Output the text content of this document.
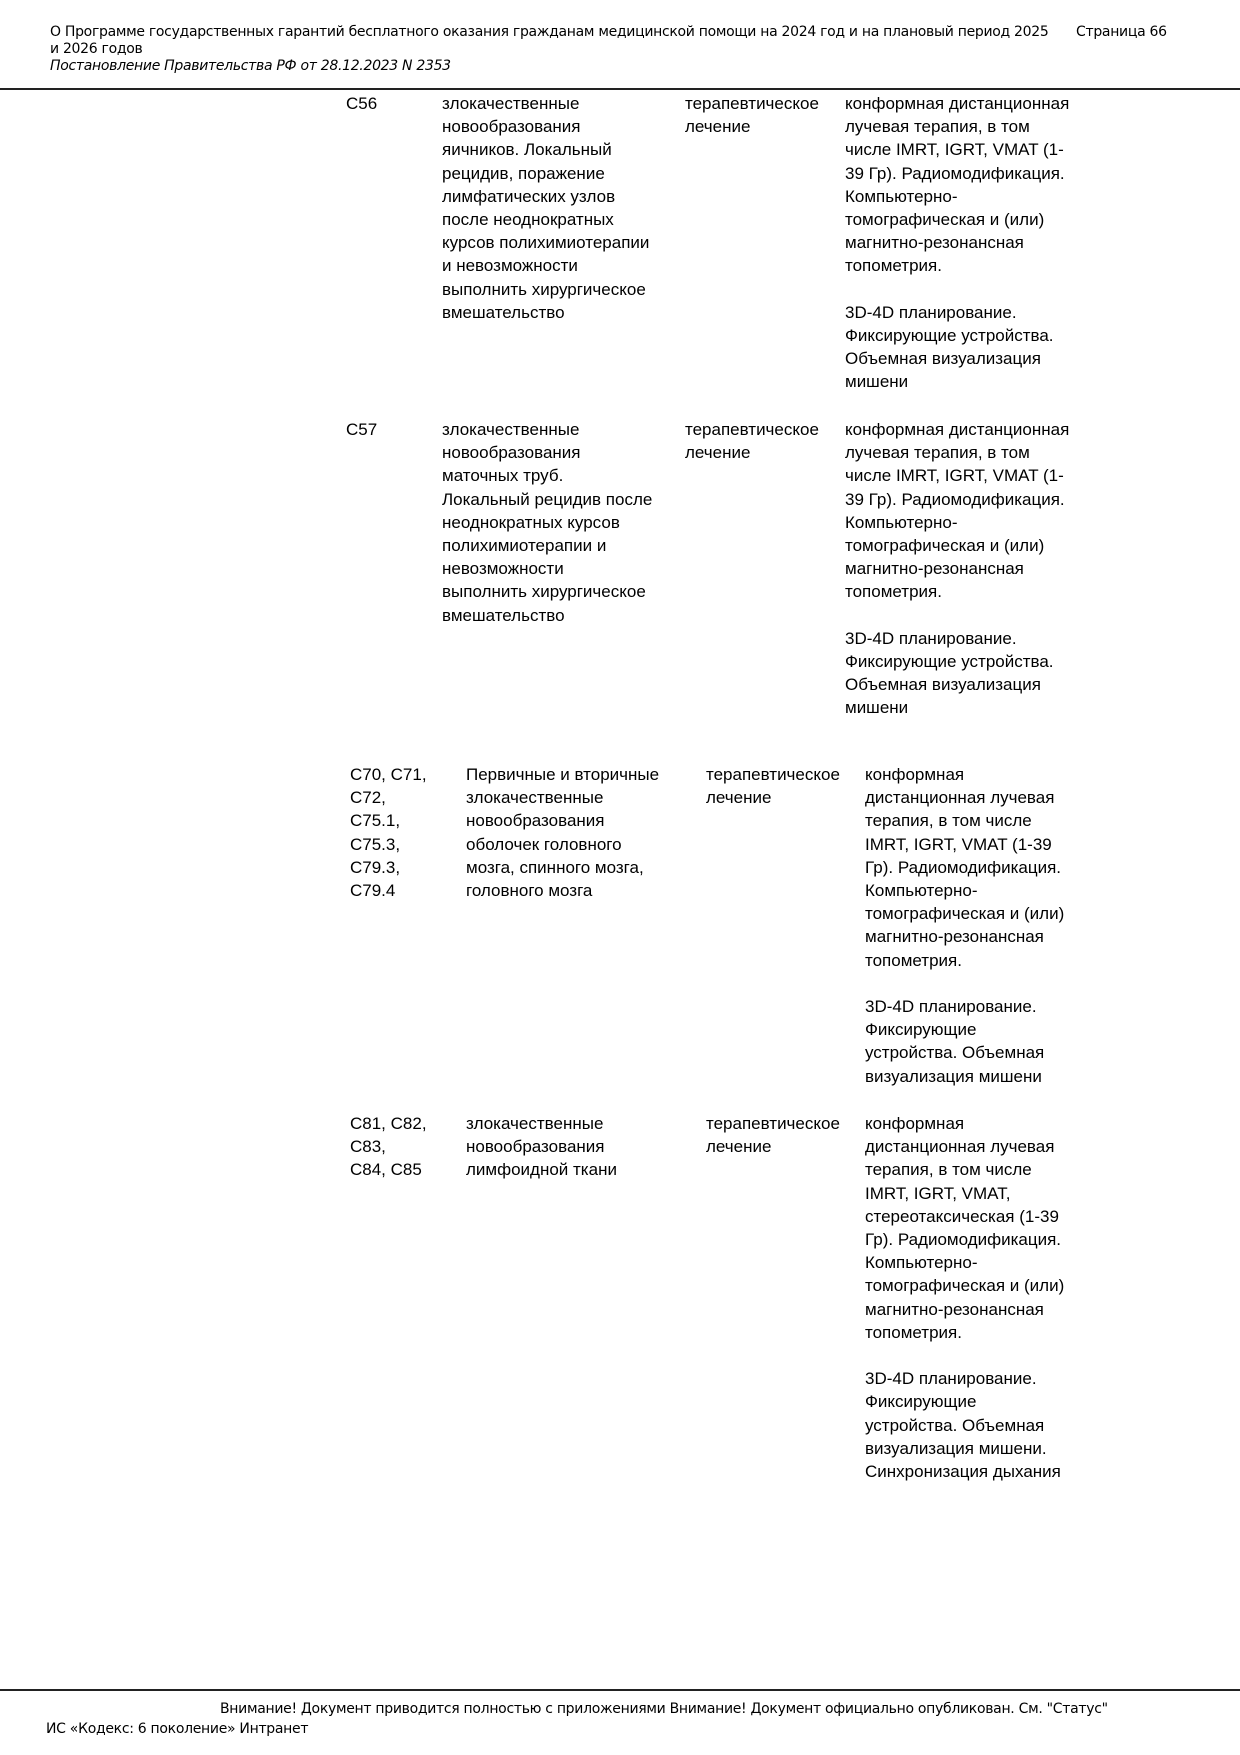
О Программе государственных гарантий бесплатного оказания гражданам медицинской помощи на 2024 год и на плановый период 2025 и 2026 годов
Постановление Правительства РФ от 28.12.2023 N 2353
Страница 66
C56	злокачественные
новообразования
яичников. Локальный
рецидив, поражение
лимфатических узлов
после неоднократных
курсов полихимиотерапии
и невозможности
выполнить хирургическое
вмешательство
терапевтическое
лечение
конформная дистанционная
лучевая терапия, в том
числе IMRT, IGRT, VMAT (1-
39 Гр). Радиомодификация.
Компьютерно-
томографическая и (или)
магнитно-резонансная
топометрия.

3D-4D планирование.
Фиксирующие устройства.
Объемная визуализация
мишени
C57	злокачественные
новообразования
маточных труб.
Локальный рецидив после
неоднократных курсов
полихимиотерапии и
невозможности
выполнить хирургическое
вмешательство
терапевтическое
лечение
конформная дистанционная
лучевая терапия, в том
числе IMRT, IGRT, VMAT (1-
39 Гр). Радиомодификация.
Компьютерно-
томографическая и (или)
магнитно-резонансная
топометрия.

3D-4D планирование.
Фиксирующие устройства.
Объемная визуализация
мишени
C70, C71,
C72,
C75.1,
C75.3,
C79.3,
C79.4
Первичные и вторичные
злокачественные
новообразования
оболочек головного
мозга, спинного мозга,
головного мозга
терапевтическое
лечение
конформная
дистанционная лучевая
терапия, в том числе
IMRT, IGRT, VMAT (1-39
Гр). Радиомодификация.
Компьютерно-
томографическая и (или)
магнитно-резонансная
топометрия.

3D-4D планирование.
Фиксирующие
устройства. Объемная
визуализация мишени
C81, C82,
C83,
C84, C85
злокачественные
новообразования
лимфоидной ткани
терапевтическое
лечение
конформная
дистанционная лучевая
терапия, в том числе
IMRT, IGRT, VMAT,
стереотаксическая (1-39
Гр). Радиомодификация.
Компьютерно-
томографическая и (или)
магнитно-резонансная
топометрия.

3D-4D планирование.
Фиксирующие
устройства. Объемная
визуализация мишени.
Синхронизация дыхания
Внимание! Документ приводится полностью с приложениями Внимание! Документ официально опубликован. См. "Статус"
ИС «Кодекс: 6 поколение» Интранет
